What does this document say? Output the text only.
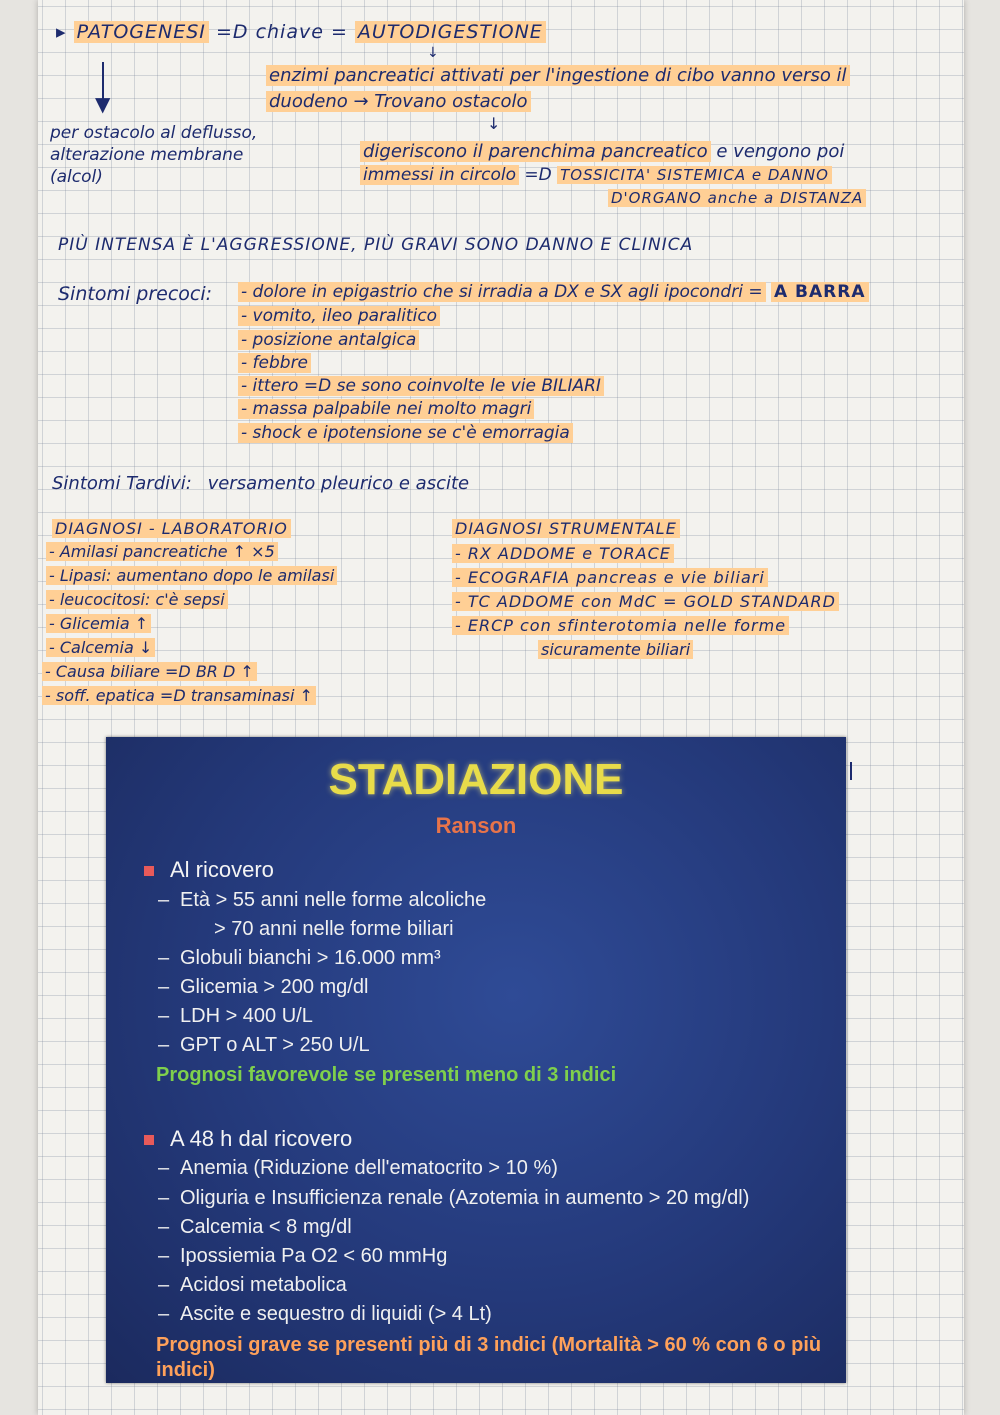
▸ PATOGENESI =D chiave = AUTODIGESTIONE
▼
↓
per ostacolo al deflusso,
alterazione membrane
(alcol)
enzimi pancreatici attivati per l'ingestione di cibo vanno verso il
duodeno → Trovano ostacolo
↓
digeriscono il parenchima pancreatico e vengono poi
immessi in circolo =D TOSSICITA' SISTEMICA e DANNO
D'ORGANO anche a DISTANZA
PIÙ INTENSA È L'AGGRESSIONE, PIÙ GRAVI SONO DANNO E CLINICA
Sintomi precoci: - dolore in epigastrio che si irradia a DX e SX agli ipocondri = A BARRA
- vomito, ileo paralitico
- posizione antalgica
- febbre
- ittero =D se sono coinvolte le vie BILIARI
- massa palpabile nei molto magri
- shock e ipotensione se c'è emorragia
Sintomi Tardivi: versamento pleurico e ascite
DIAGNOSI - LABORATORIO
- Amilasi pancreatiche ↑ ×5
- Lipasi: aumentano dopo le amilasi
- leucocitosi: c'è sepsi
- Glicemia ↑
- Calcemia ↓
- Causa biliare =D BR D ↑
- soff. epatica =D transaminasi ↑
DIAGNOSI STRUMENTALE
- RX ADDOME e TORACE
- ECOGRAFIA pancreas e vie biliari
- TC ADDOME con MdC = GOLD STANDARD
- ERCP con sfinterotomia nelle forme
sicuramente biliari
STADIAZIONE
Ranson
Al ricovero
– Età > 55 anni nelle forme alcoliche
> 70 anni nelle forme biliari
– Globuli bianchi > 16.000 mm³
– Glicemia > 200 mg/dl
– LDH > 400 U/L
– GPT o ALT > 250 U/L
Prognosi favorevole se presenti meno di 3 indici
A 48 h dal ricovero
– Anemia (Riduzione dell'ematocrito > 10 %)
– Oliguria e Insufficienza renale (Azotemia in aumento > 20 mg/dl)
– Calcemia < 8 mg/dl
– Ipossiemia Pa O2 < 60 mmHg
– Acidosi metabolica
– Ascite e sequestro di liquidi (> 4 Lt)
Prognosi grave se presenti più di 3 indici (Mortalità > 60 % con 6 o più indici)
